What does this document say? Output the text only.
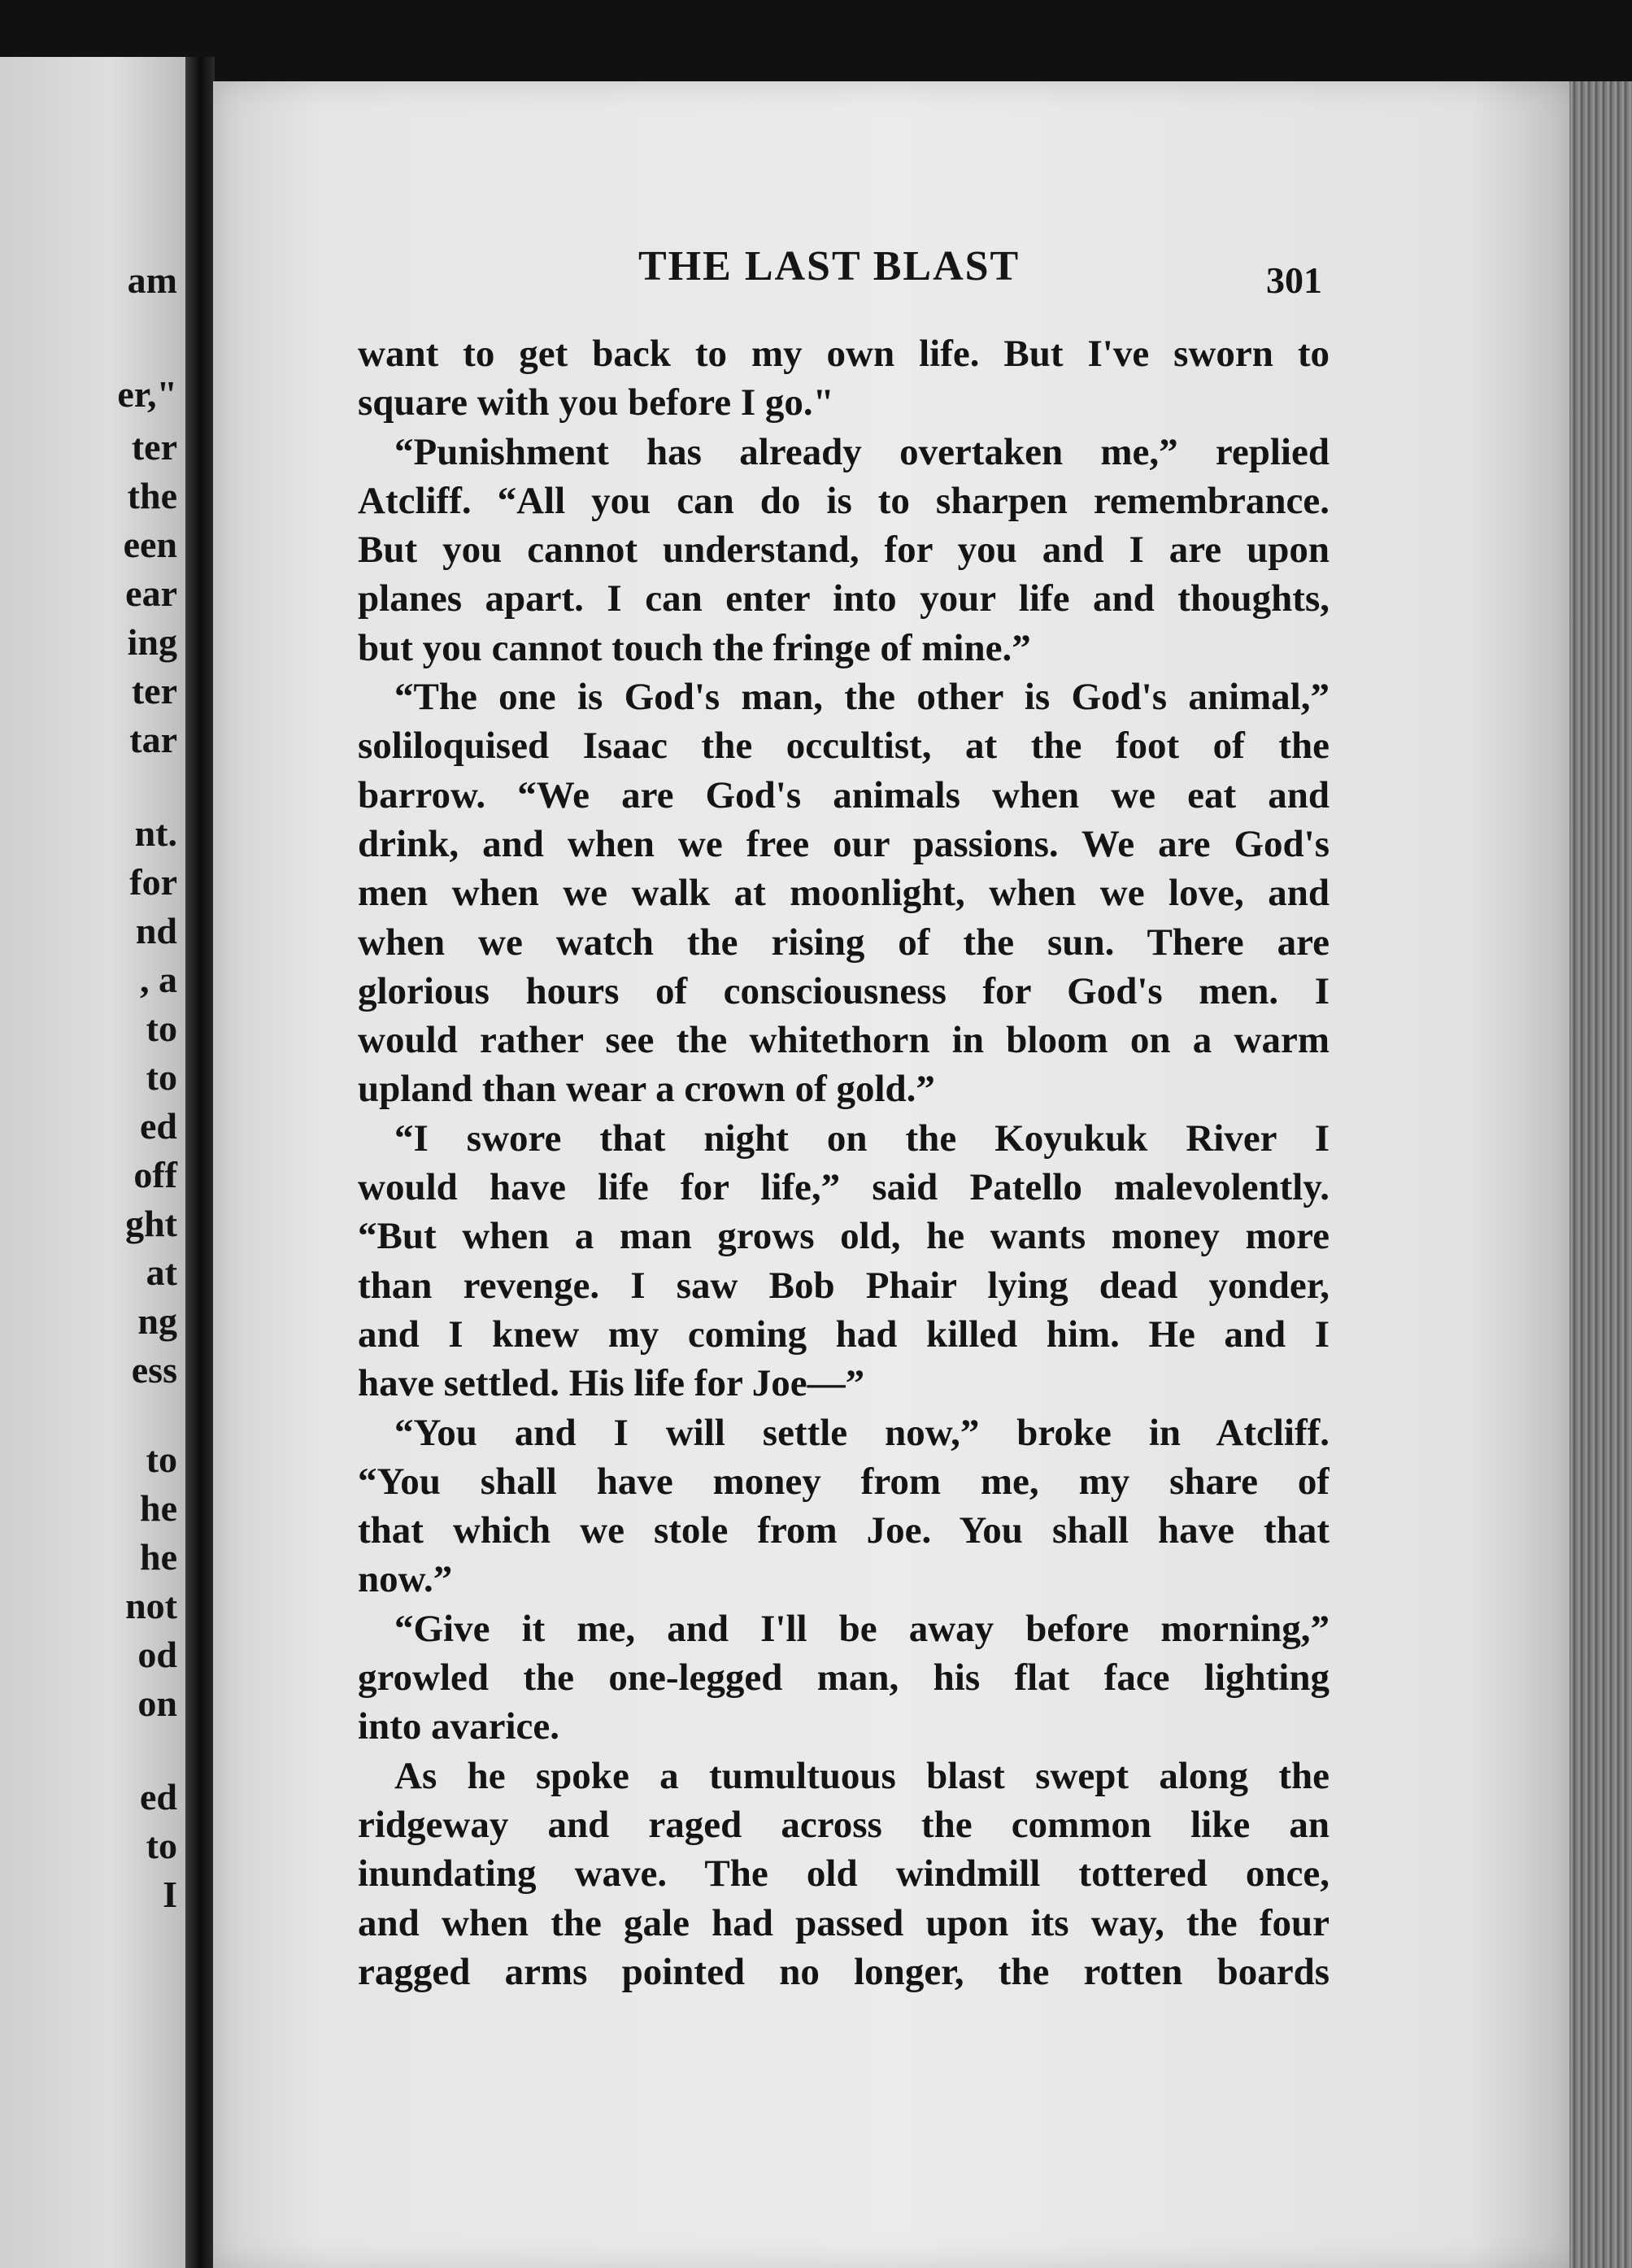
am
er,"
ter
the
een
ear
ing
ter
tar
nt.
for
nd
, a
to
to
ed
off
ght
at
ng
ess
to
he
he
not
od
on
ed
to
I
THE LAST BLAST	301
want to get back to my own life. But I've sworn to
square with you before I go."
“Punishment has already overtaken me,” replied
Atcliff. “All you can do is to sharpen remembrance.
But you cannot understand, for you and I are upon
planes apart. I can enter into your life and thoughts,
but you cannot touch the fringe of mine.”
“The one is God's man, the other is God's animal,”
soliloquised Isaac the occultist, at the foot of the
barrow. “We are God's animals when we eat and
drink, and when we free our passions. We are God's
men when we walk at moonlight, when we love, and
when we watch the rising of the sun. There are
glorious hours of consciousness for God's men. I
would rather see the whitethorn in bloom on a warm
upland than wear a crown of gold.”
“I swore that night on the Koyukuk River I
would have life for life,” said Patello malevolently.
“But when a man grows old, he wants money more
than revenge. I saw Bob Phair lying dead yonder,
and I knew my coming had killed him. He and I
have settled. His life for Joe—”
“You and I will settle now,” broke in Atcliff.
“You shall have money from me, my share of
that which we stole from Joe. You shall have that
now.”
“Give it me, and I'll be away before morning,”
growled the one-legged man, his flat face lighting
into avarice.
As he spoke a tumultuous blast swept along the
ridgeway and raged across the common like an
inundating wave. The old windmill tottered once,
and when the gale had passed upon its way, the four
ragged arms pointed no longer, the rotten boards
